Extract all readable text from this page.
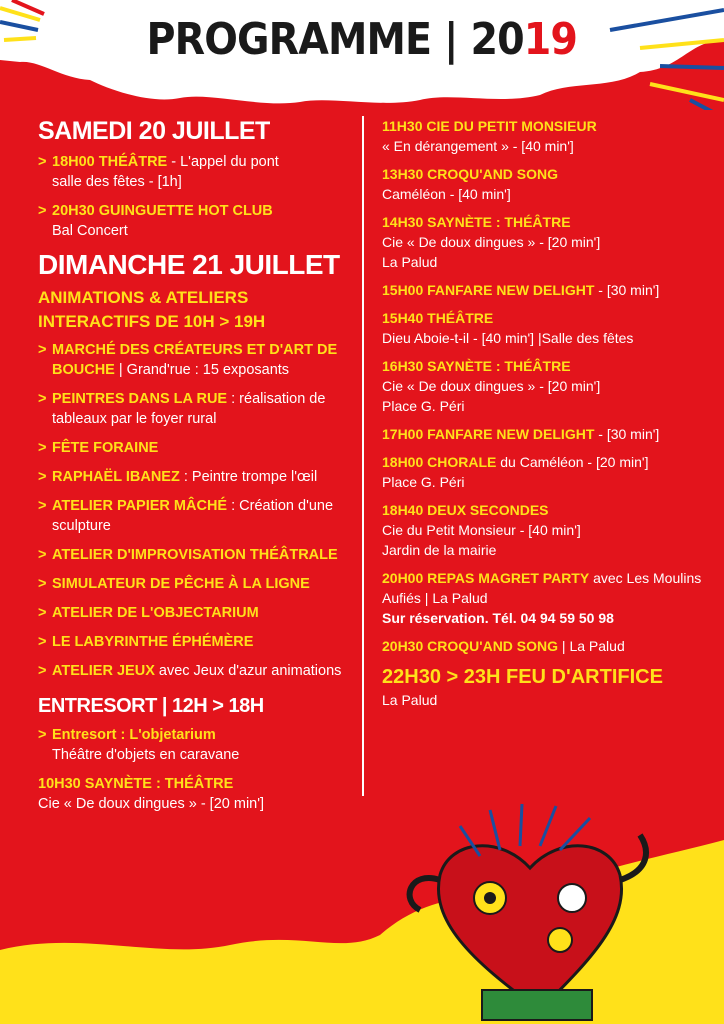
PROGRAMME | 2019
SAMEDI 20 JUILLET
> 18H00 THÉÂTRE - L'appel du pont
salle des fêtes - [1h]
> 20H30 GUINGUETTE HOT CLUB
Bal Concert
DIMANCHE 21 JUILLET
ANIMATIONS & ATELIERS
INTERACTIFS DE 10H > 19H
> MARCHÉ DES CRÉATEURS ET D'ART DE BOUCHE | Grand'rue : 15 exposants
> PEINTRES DANS LA RUE : réalisation de tableaux par le foyer rural
> FÊTE FORAINE
> RAPHAËL IBANEZ : Peintre trompe l'œil
> ATELIER PAPIER MÂCHÉ : Création d'une sculpture
> ATELIER D'IMPROVISATION THÉÂTRALE
> SIMULATEUR DE PÊCHE À LA LIGNE
> ATELIER DE L'OBJECTARIUM
> LE LABYRINTHE ÉPHÉMÈRE
> ATELIER JEUX avec Jeux d'azur animations
ENTRESORT | 12H > 18H
> Entresort : L'objetarium
Théâtre d'objets en caravane
10H30 SAYNÈTE : THÉÂTRE
Cie « De doux dingues » - [20 min']
11H30 CIE DU PETIT MONSIEUR
« En dérangement » - [40 min']
13H30 CROQU'AND SONG
Caméléon - [40 min']
14H30 SAYNÈTE : THÉÂTRE
Cie « De doux dingues » - [20 min']
La Palud
15H00 FANFARE NEW DELIGHT - [30 min']
15H40 THÉÂTRE
Dieu Aboie-t-il - [40 min'] |Salle des fêtes
16H30 SAYNÈTE : THÉÂTRE
Cie « De doux dingues » - [20 min']
Place G. Péri
17H00 FANFARE NEW DELIGHT - [30 min']
18H00 CHORALE du Caméléon - [20 min']
Place G. Péri
18H40 DEUX SECONDES
Cie du Petit Monsieur - [40 min']
Jardin de la mairie
20H00 REPAS MAGRET PARTY avec Les Moulins Aufiés | La Palud
Sur réservation. Tél. 04 94 59 50 98
20H30 CROQU'AND SONG | La Palud
22H30 > 23H FEU D'ARTIFICE
La Palud
